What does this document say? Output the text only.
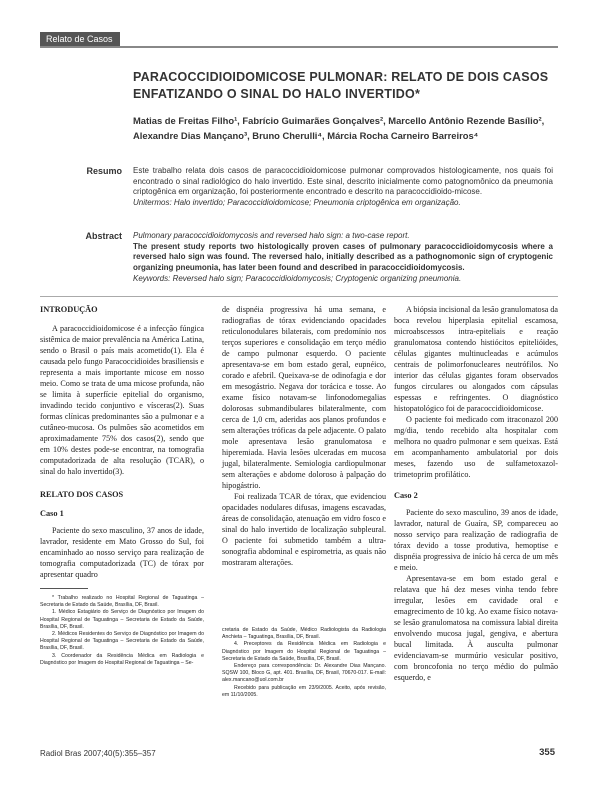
Relato de Casos
PARACOCCIDIOIDOMICOSE PULMONAR: RELATO DE DOIS CASOS ENFATIZANDO O SINAL DO HALO INVERTIDO*
Matias de Freitas Filho¹, Fabrício Guimarães Gonçalves², Marcello Antônio Rezende Basílio², Alexandre Dias Mançano³, Bruno Cherulli⁴, Márcia Rocha Carneiro Barreiros⁴
Resumo Este trabalho relata dois casos de paracoccidioidomicose pulmonar comprovados histologicamente, nos quais foi encontrado o sinal radiológico do halo invertido. Este sinal, descrito inicialmente como patognomônico da pneumonia criptogênica em organização, foi posteriormente encontrado e descrito na paracoccidioido-micose.
Unitermos: Halo invertido; Paracoccidioidomicose; Pneumonia criptogênica em organização.
Abstract Pulmonary paracoccidioidomycosis and reversed halo sign: a two-case report.
The present study reports two histologically proven cases of pulmonary paracoccidioidomycosis where a reversed halo sign was found. The reversed halo, initially described as a pathognomonic sign of cryptogenic organizing pneumonia, has later been found and described in paracoccidioidomycosis.
Keywords: Reversed halo sign; Paracoccidioidomycosis; Cryptogenic organizing pneumonia.
INTRODUÇÃO

A paracoccidioidomicose é a infecção fúngica sistêmica de maior prevalência na América Latina, sendo o Brasil o país mais acometido(1). Ela é causada pelo fungo Paracoccidioides brasiliensis e representa a mais importante micose em nosso meio. Como se trata de uma micose profunda, não se limita à superfície epitelial do organismo, invadindo tecido conjuntivo e vísceras(2). Suas formas clínicas predominantes são a pulmonar e a cutâneo-mucosa. Os pulmões são acometidos em aproximadamente 75% dos casos(2), sendo que em 10% destes pode-se encontrar, na tomografia computadorizada de alta resolução (TCAR), o sinal do halo invertido(3).

RELATO DOS CASOS
Caso 1

Paciente do sexo masculino, 37 anos de idade, lavrador, residente em Mato Grosso do Sul, foi encaminhado ao nosso serviço para realização de tomografia computadorizada (TC) de tórax por apresentar quadro

* Trabalho realizado no Hospital Regional de Taguatinga – Secretaria de Estado da Saúde, Brasília, DF, Brasil.

1. Médico Estagiário do Serviço de Diagnóstico por Imagem do Hospital Regional de Taguatinga – Secretaria de Estado da Saúde, Brasília, DF, Brasil.

2. Médicos Residentes do Serviço de Diagnóstico por Imagem do Hospital Regional de Taguatinga – Secretaria de Estado da Saúde, Brasília, DF, Brasil.

3. Coordenador da Residência Médica em Radiologia e Diagnóstico por Imagem do Hospital Regional de Taguatinga – Se-

de dispnéia progressiva há uma semana, e radiografias de tórax evidenciando opacidades reticulonodulares bilaterais, com predomínio nos terços superiores e consolidação em terço médio de campo pulmonar esquerdo. O paciente apresentava-se em bom estado geral, eupnéico, corado e afebril. Queixava-se de odinofagia e dor em mesogástrio. Negava dor torácica e tosse. Ao exame físico notavam-se linfonodomegalias dolorosas submandibulares bilateralmente, com cerca de 1,0 cm, aderidas aos planos profundos e sem alterações tróficas da pele adjacente. O palato mole apresentava lesão granulomatosa e hiperemiada. Havia lesões ulceradas em mucosa jugal, bilateralmente. Semiologia cardiopulmonar sem alterações e abdome doloroso à palpação do hipogástrio.

Foi realizada TCAR de tórax, que evidenciou opacidades nodulares difusas, imagens escavadas, áreas de consolidação, atenuação em vidro fosco e sinal do halo invertido de localização subpleural. O paciente foi submetido também a ultra-sonografia abdominal e espirometria, as quais não mostraram alterações.

cretaria de Estado da Saúde, Médico Radiologista da Radiologia Anchieta – Taguatinga, Brasília, DF, Brasil.

4. Preceptores da Residência Médica em Radiologia e Diagnóstico por Imagem do Hospital Regional de Taguatinga – Secretaria de Estado da Saúde, Brasília, DF, Brasil.

Endereço para correspondência: Dr. Alexandre Dias Mançano. SQSW 100, Bloco G, apt. 401. Brasília, DF, Brasil, 70670-017. E-mail: alex.mancano@uol.com.br

Recebido para publicação em 23/9/2005. Aceito, após revisão, em 11/10/2005.

A biópsia incisional da lesão granulomatosa da boca revelou hiperplasia epitelial escamosa, microabscessos intra-epiteliais e reação granulomatosa contendo histiócitos epitelióides, células gigantes multinucleadas e acúmulos centrais de polimorfonucleares neutrófilos. No interior das células gigantes foram observados fungos circulares ou alongados com cápsulas espessas e refringentes. O diagnóstico histopatológico foi de paracoccidioidomicose.

O paciente foi medicado com itraconazol 200 mg/dia, tendo recebido alta hospitalar com melhora no quadro pulmonar e sem queixas. Está em acompanhamento ambulatorial por dois meses, fazendo uso de sulfametoxazol-trimetoprim profilático.

Caso 2

Paciente do sexo masculino, 39 anos de idade, lavrador, natural de Guaíra, SP, compareceu ao nosso serviço para realização de radiografia de tórax devido a tosse produtiva, hemoptise e dispnéia progressiva de início há cerca de um mês e meio.

Apresentava-se em bom estado geral e relatava que há dez meses vinha tendo febre irregular, lesões em cavidade oral e emagrecimento de 10 kg. Ao exame físico notava-se lesão granulomatosa na comissura labial direita envolvendo mucosa jugal, gengiva, e abertura bucal limitada. À ausculta pulmonar evidenciavam-se murmúrio vesicular positivo, com broncofonia no terço médio do pulmão esquerdo, e

Radiol Bras 2007;40(5):355–357	355
